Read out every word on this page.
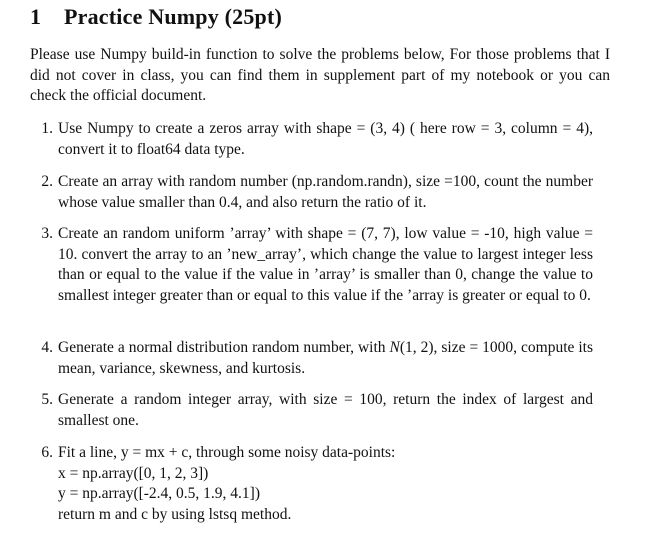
1 Practice Numpy (25pt)
Please use Numpy build-in function to solve the problems below, For those problems that I did not cover in class, you can find them in supplement part of my notebook or you can check the official document.
1. Use Numpy to create a zeros array with shape = (3, 4) ( here row = 3, column = 4), convert it to float64 data type.
2. Create an array with random number (np.random.randn), size =100, count the number whose value smaller than 0.4, and also return the ratio of it.
3. Create an random uniform ’array’ with shape = (7, 7), low value = -10, high value = 10. convert the array to an ’new_array’, which change the value to largest integer less than or equal to the value if the value in ’array’ is smaller than 0, change the value to smallest integer greater than or equal to this value if the ’array is greater or equal to 0.
4. Generate a normal distribution random number, with N(1, 2), size = 1000, compute its mean, variance, skewness, and kurtosis.
5. Generate a random integer array, with size = 100, return the index of largest and smallest one.
6. Fit a line, y = mx + c, through some noisy data-points:
x = np.array([0, 1, 2, 3])
y = np.array([-2.4, 0.5, 1.9, 4.1])
return m and c by using lstsq method.
